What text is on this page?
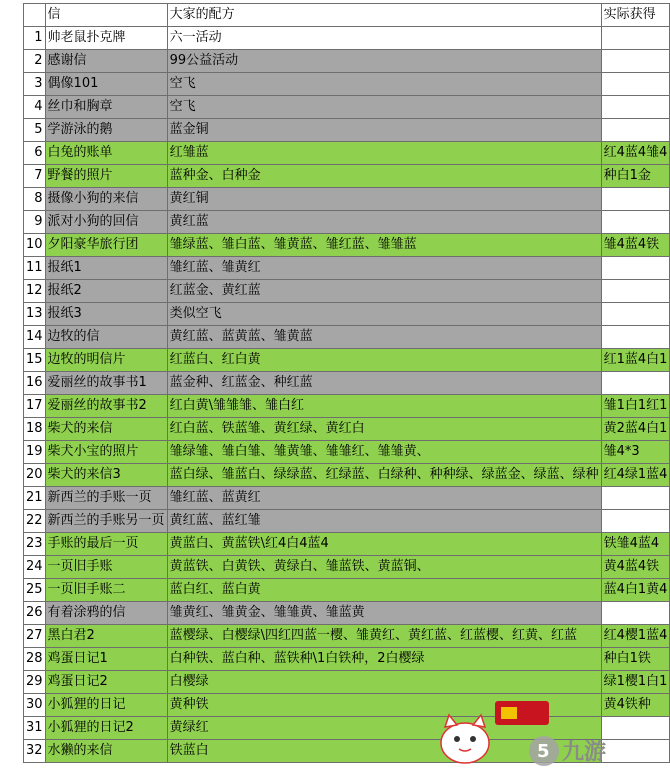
	信	大家的配方	实际获得
1	帅老鼠扑克牌	六一活动	
2	感谢信	99公益活动	
3	偶像101	空飞	
4	丝巾和胸章	空飞	
5	学游泳的鹅	蓝金铜	
6	白兔的账单	红雏蓝	红4蓝4雏4
7	野餐的照片	蓝种金、白种金	种白1金
8	摄像小狗的来信	黄红铜	
9	派对小狗的回信	黄红蓝	
10	夕阳豪华旅行团	雏绿蓝、雏白蓝、雏黄蓝、雏红蓝、雏雏蓝	雏4蓝4铁
11	报纸1	雏红蓝、雏黄红	
12	报纸2	红蓝金、黄红蓝	
13	报纸3	类似空飞	
14	边牧的信	黄红蓝、蓝黄蓝、雏黄蓝	
15	边牧的明信片	红蓝白、红白黄	红1蓝4白1
16	爱丽丝的故事书1	蓝金种、红蓝金、种红蓝	
17	爱丽丝的故事书2	红白黄\雏雏雏、雏白红	雏1白1红1
18	柴犬的来信	红白蓝、铁蓝雏、黄红绿、黄红白	黄2蓝4白1
19	柴犬小宝的照片	雏绿雏、雏白雏、雏黄雏、雏雏红、雏雏黄、	雏4*3
20	柴犬的来信3	蓝白绿、雏蓝白、绿绿蓝、红绿蓝、白绿种、种种绿、绿蓝金、绿蓝、绿种	红4绿1蓝4
21	新西兰的手账一页	雏红蓝、蓝黄红	
22	新西兰的手账另一页	黄红蓝、蓝红雏	
23	手账的最后一页	黄蓝白、黄蓝铁\红4白4蓝4	铁雏4蓝4
24	一页旧手账	黄蓝铁、白黄铁、黄绿白、雏蓝铁、黄蓝铜、	黄4蓝4铁
25	一页旧手账二	蓝白红、蓝白黄	蓝4白1黄4
26	有着涂鸦的信	雏黄红、雏黄金、雏雏黄、雏蓝黄	
27	黑白君2	蓝樱绿、白樱绿\四红四蓝一樱、雏黄红、黄红蓝、红蓝樱、红黄、红蓝	红4樱1蓝4
28	鸡蛋日记1	白种铁、蓝白种、蓝铁种\1白铁种，2白樱绿	种白1铁
29	鸡蛋日记2	白樱绿	绿1樱1白1
30	小狐狸的日记	黄种铁	黄4铁种
31	小狐狸的日记2	黄绿红	
32	水獭的来信	铁蓝白		5 九游
